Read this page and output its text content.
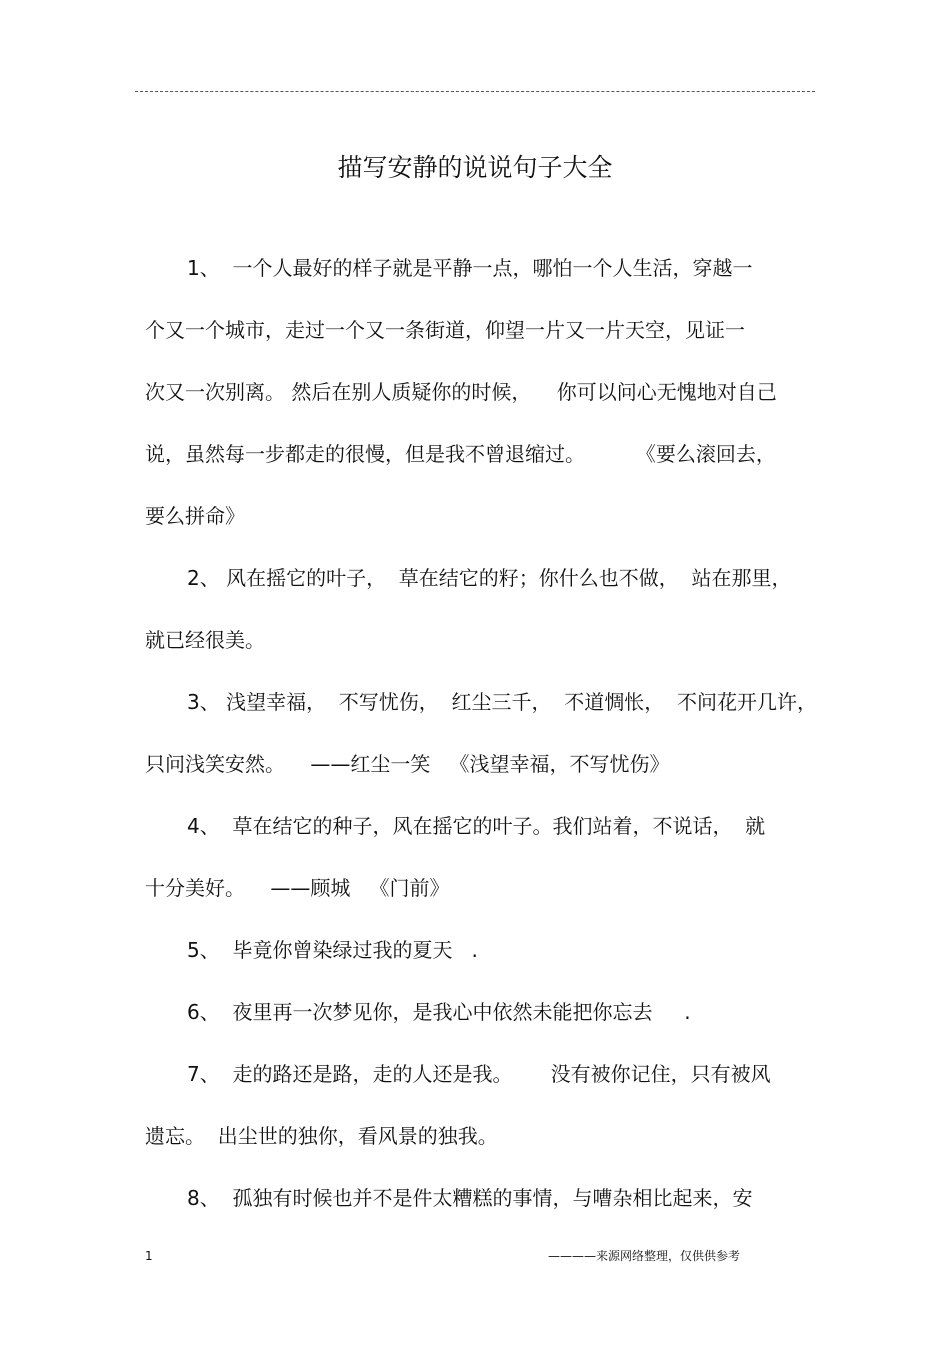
描写安静的说说句子大全
1、  一个人最好的样子就是平静一点，哪怕一个人生活，穿越一
个又一个城市，走过一个又一条街道，仰望一片又一片天空，见证一
次又一次别离。 然后在别人质疑你的时候，    你可以问心无愧地对自己
说，虽然每一步都走的很慢，但是我不曾退缩过。        《要么滚回去，
要么拼命》
2、 风在摇它的叶子，  草在结它的籽；你什么也不做，  站在那里，
就已经很美。
3、 浅望幸福，  不写忧伤，  红尘三千，  不道惆怅，  不问花开几许，
只问浅笑安然。    ——红尘一笑   《浅望幸福，不写忧伤》
4、  草在结它的种子，风在摇它的叶子。我们站着，不说话，  就
十分美好。    ——顾城   《门前》
5、  毕竟你曾染绿过我的夏天   .
6、  夜里再一次梦见你，是我心中依然未能把你忘去     .
7、  走的路还是路，走的人还是我。      没有被你记住，只有被风
遗忘。  出尘世的独你，看风景的独我。
8、  孤独有时候也并不是件太糟糕的事情，与嘈杂相比起来，安
1	————来源网络整理，仅供供参考
